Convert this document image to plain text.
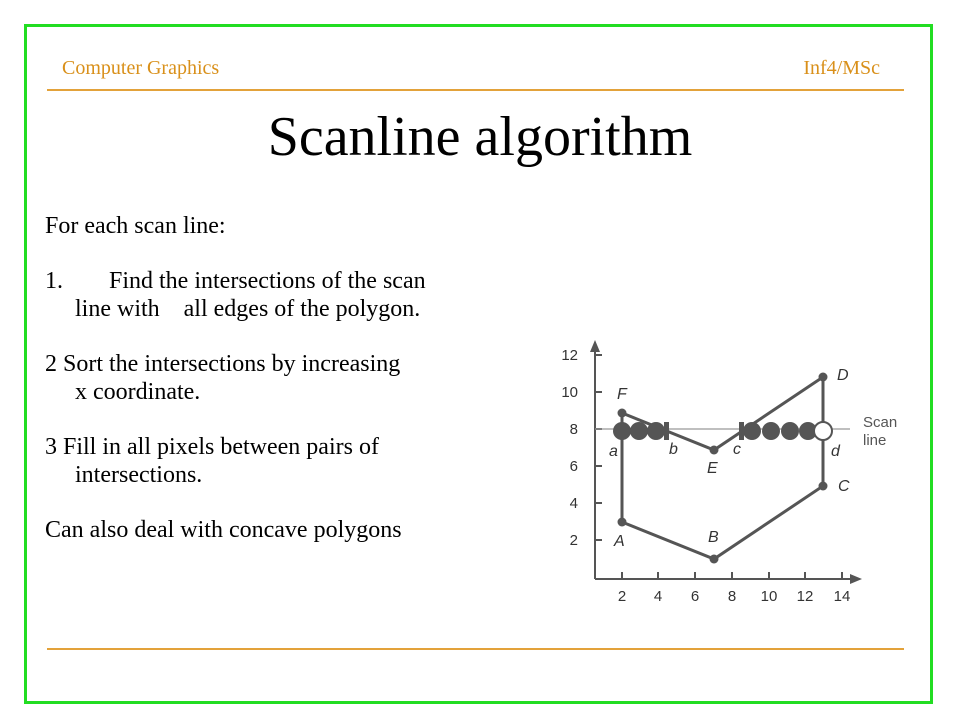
Computer Graphics	Inf4/MSc
Scanline algorithm

For each scan line:

1. Find the intersections of the scan

line with    all edges of the polygon.

2 Sort the intersections by increasing

x coordinate.

3 Fill in all pixels between pairs of

intersections.

Can also deal with concave polygons

12
10
8
6
4
2
2 4 6 8 10 12 14
A	B
C
D
E
F
a	b	c	d
Scan
line
